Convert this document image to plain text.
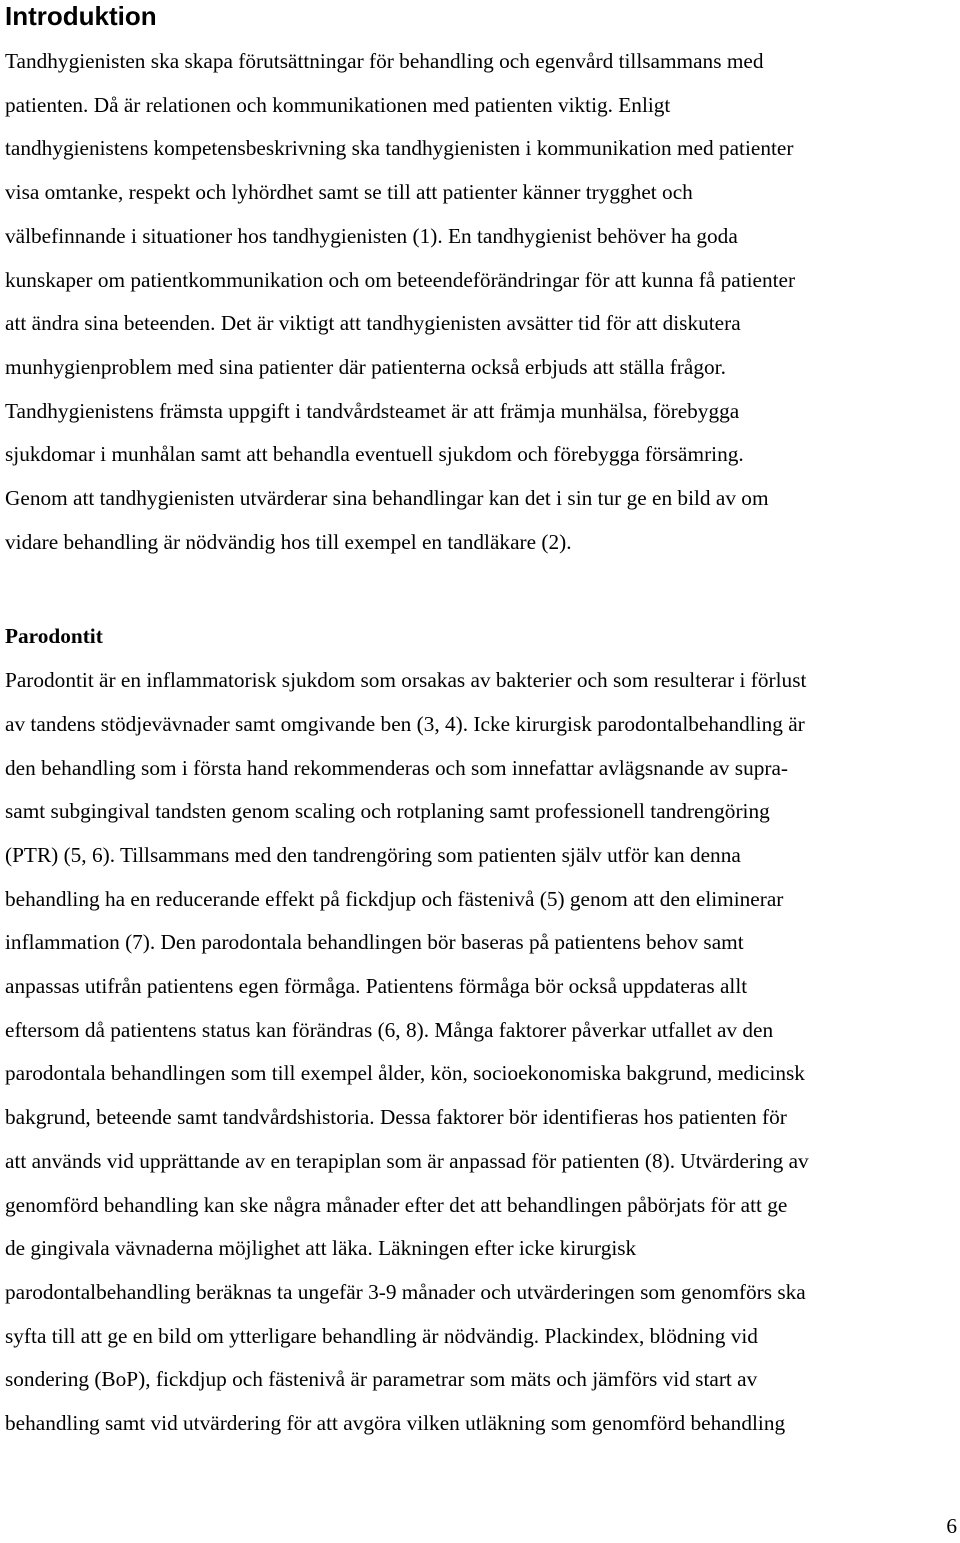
Introduktion

Tandhygienisten ska skapa förutsättningar för behandling och egenvård tillsammans med
patienten. Då är relationen och kommunikationen med patienten viktig. Enligt
tandhygienistens kompetensbeskrivning ska tandhygienisten i kommunikation med patienter
visa omtanke, respekt och lyhördhet samt se till att patienter känner trygghet och
välbefinnande i situationer hos tandhygienisten (1). En tandhygienist behöver ha goda
kunskaper om patientkommunikation och om beteendeförändringar för att kunna få patienter
att ändra sina beteenden. Det är viktigt att tandhygienisten avsätter tid för att diskutera
munhygienproblem med sina patienter där patienterna också erbjuds att ställa frågor.
Tandhygienistens främsta uppgift i tandvårdsteamet är att främja munhälsa, förebygga
sjukdomar i munhålan samt att behandla eventuell sjukdom och förebygga försämring.
Genom att tandhygienisten utvärderar sina behandlingar kan det i sin tur ge en bild av om
vidare behandling är nödvändig hos till exempel en tandläkare (2).

Parodontit

Parodontit är en inflammatorisk sjukdom som orsakas av bakterier och som resulterar i förlust
av tandens stödjevävnader samt omgivande ben (3, 4). Icke kirurgisk parodontalbehandling är
den behandling som i första hand rekommenderas och som innefattar avlägsnande av supra-
samt subgingival tandsten genom scaling och rotplaning samt professionell tandrengöring
(PTR) (5, 6). Tillsammans med den tandrengöring som patienten själv utför kan denna
behandling ha en reducerande effekt på fickdjup och fästenivå (5) genom att den eliminerar
inflammation (7). Den parodontala behandlingen bör baseras på patientens behov samt
anpassas utifrån patientens egen förmåga. Patientens förmåga bör också uppdateras allt
eftersom då patientens status kan förändras (6, 8). Många faktorer påverkar utfallet av den
parodontala behandlingen som till exempel ålder, kön, socioekonomiska bakgrund, medicinsk
bakgrund, beteende samt tandvårdshistoria. Dessa faktorer bör identifieras hos patienten för
att används vid upprättande av en terapiplan som är anpassad för patienten (8). Utvärdering av
genomförd behandling kan ske några månader efter det att behandlingen påbörjats för att ge
de gingivala vävnaderna möjlighet att läka. Läkningen efter icke kirurgisk
parodontalbehandling beräknas ta ungefär 3-9 månader och utvärderingen som genomförs ska
syfta till att ge en bild om ytterligare behandling är nödvändig. Plackindex, blödning vid
sondering (BoP), fickdjup och fästenivå är parametrar som mäts och jämförs vid start av
behandling samt vid utvärdering för att avgöra vilken utläkning som genomförd behandling

6
